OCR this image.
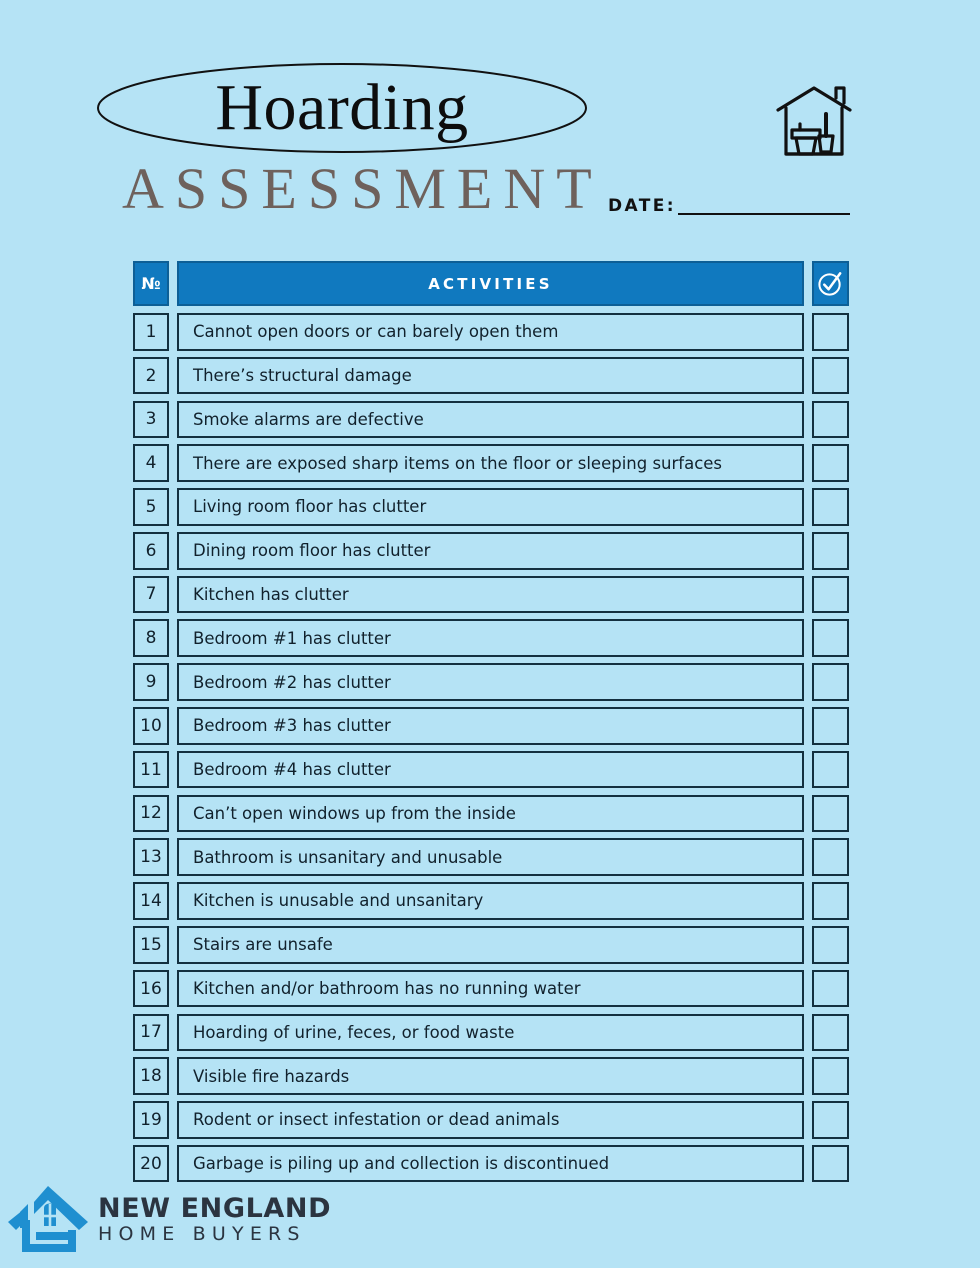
Hoarding
ASSESSMENT DATE:
№	ACTIVITIES
1	Cannot open doors or can barely open them
2	There’s structural damage
3	Smoke alarms are defective
4	There are exposed sharp items on the floor or sleeping surfaces
5	Living room floor has clutter
6	Dining room floor has clutter
7	Kitchen has clutter
8	Bedroom #1 has clutter
9	Bedroom #2 has clutter
10	Bedroom #3 has clutter
11	Bedroom #4 has clutter
12	Can’t open windows up from the inside
13	Bathroom is unsanitary and unusable
14	Kitchen is unusable and unsanitary
15	Stairs are unsafe
16	Kitchen and/or bathroom has no running water
17	Hoarding of urine, feces, or food waste
18	Visible fire hazards
19	Rodent or insect infestation or dead animals
20	Garbage is piling up and collection is discontinued
NEW ENGLAND
HOME BUYERS
